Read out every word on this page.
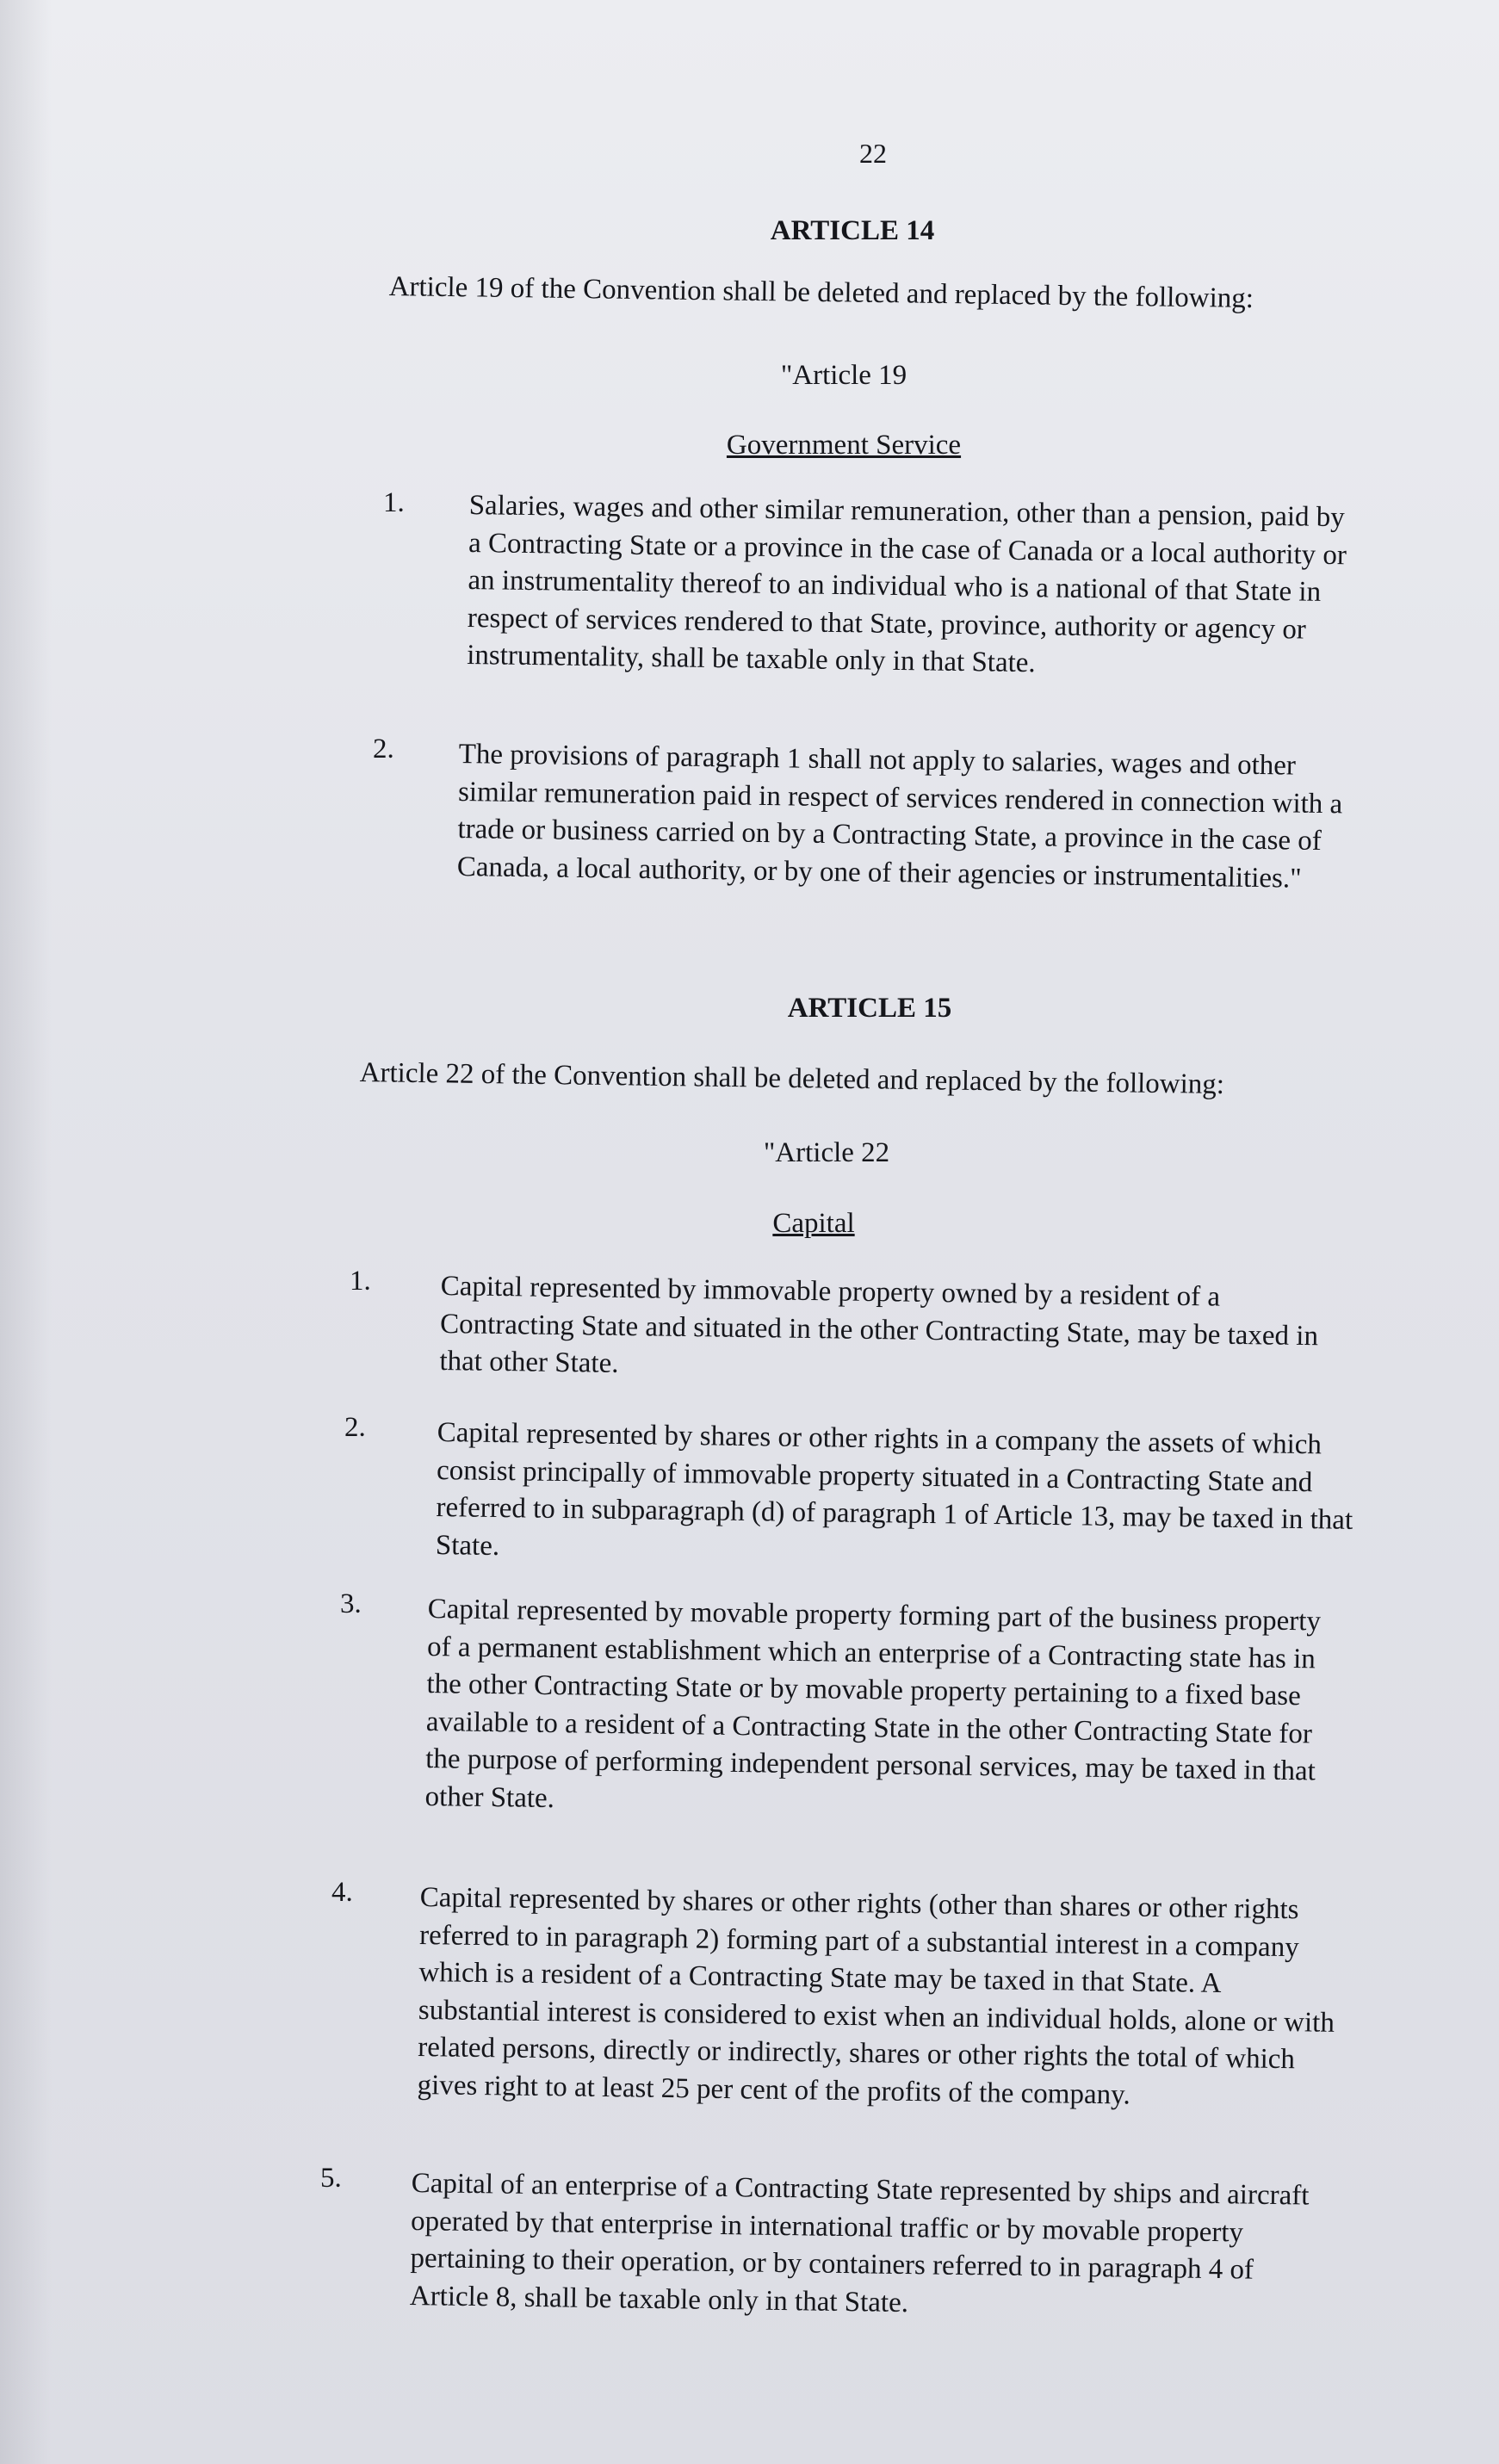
22
ARTICLE 14
Article 19 of the Convention shall be deleted and replaced by the following:
"Article 19
Government Service
1. Salaries, wages and other similar remuneration, other than a pension, paid by a Contracting State or a province in the case of Canada or a local authority or an instrumentality thereof to an individual who is a national of that State in respect of services rendered to that State, province, authority or agency or instrumentality, shall be taxable only in that State.
2. The provisions of paragraph 1 shall not apply to salaries, wages and other similar remuneration paid in respect of services rendered in connection with a trade or business carried on by a Contracting State, a province in the case of Canada, a local authority, or by one of their agencies or instrumentalities."
ARTICLE 15
Article 22 of the Convention shall be deleted and replaced by the following:
"Article 22
Capital
1. Capital represented by immovable property owned by a resident of a Contracting State and situated in the other Contracting State, may be taxed in that other State.
2.	Capital represented by shares or other rights in a company the assets of which consist principally of immovable property situated in a Contracting State and referred to in subparagraph (d) of paragraph 1 of Article 13, may be taxed in that State.
3. Capital represented by movable property forming part of the business property of a permanent establishment which an enterprise of a Contracting state has in the other Contracting State or by movable property pertaining to a fixed base available to a resident of a Contracting State in the other Contracting State for the purpose of performing independent personal services, may be taxed in that other State.
4. Capital represented by shares or other rights (other than shares or other rights referred to in paragraph 2) forming part of a substantial interest in a company which is a resident of a Contracting State may be taxed in that State. A substantial interest is considered to exist when an individual holds, alone or with related persons, directly or indirectly, shares or other rights the total of which gives right to at least 25 per cent of the profits of the company.
5. Capital of an enterprise of a Contracting State represented by ships and aircraft operated by that enterprise in international traffic or by movable property pertaining to their operation, or by containers referred to in paragraph 4 of Article 8, shall be taxable only in that State.
